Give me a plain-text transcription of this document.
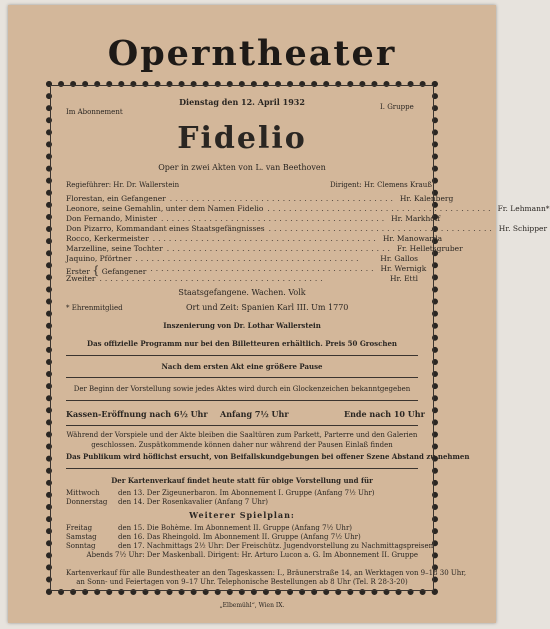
Operntheater
Dienstag den 12. April 1932
Im Abonnement
I. Gruppe
Fidelio
Oper in zwei Akten von L. van Beethoven
Regieführer: Hr. Dr. Wallerstein	Dirigent: Hr. Clemens Krauß
Florestan, ein Gefangener .......................................... Hr. Kalenberg
Leonore, seine Gemahlin, unter dem Namen Fidelio .......................................... Fr. Lehmann*
Don Fernando, Minister .......................................... Hr. Markhoff
Don Pizarro, Kommandant eines Staatsgefängnisses .......................................... Hr. Schipper
Rocco, Kerkermeister .......................................... Hr. Manowarda
Marzelline, seine Tochter .......................................... Fr. Helletsgruber
Jaquino, Pförtner ..........................................	Hr. Gallos
Erster { Gefangener .......................................... Hr. Wernigk
Zweiter ..........................................	Hr. Ettl
Staatsgefangene. Wachen. Volk
* Ehrenmitglied	Ort und Zeit: Spanien Karl III. Um 1770
Inszenierung von Dr. Lothar Wallerstein
Das offizielle Programm nur bei den Billetteuren erhältlich. Preis 50 Groschen
Nach dem ersten Akt eine größere Pause
Der Beginn der Vorstellung sowie jedes Aktes wird durch ein Glockenzeichen bekanntgegeben
Kassen-Eröffnung nach 6½ Uhr Anfang 7½ Uhr	Ende nach 10 Uhr
Während der Vorspiele und der Akte bleiben die Saaltüren zum Parkett, Parterre und den Galerien geschlossen. Zuspätkommende können daher nur während der Pausen Einlaß finden
Das Publikum wird höflichst ersucht, von Beifallskundgebungen bei offener Szene Abstand zu nehmen
Der Kartenverkauf findet heute statt für obige Vorstellung und für
Mittwoch	den 13. Der Zigeunerbaron. Im Abonnement I. Gruppe (Anfang 7½ Uhr)
Donnerstag den 14. Der Rosenkavalier (Anfang 7 Uhr)
Weiterer Spielplan:
Freitag	den 15. Die Bohème. Im Abonnement II. Gruppe (Anfang 7½ Uhr)
Samstag	den 16. Das Rheingold. Im Abonnement II. Gruppe (Anfang 7½ Uhr)
Sonntag	den 17. Nachmittags 2½ Uhr: Der Freischütz. Jugendvorstellung zu Nachmittagspreisen
Abends 7½ Uhr: Der Maskenball. Dirigent: Hr. Arturo Lucon a. G. Im Abonnement II. Gruppe
Kartenverkauf für alle Bundestheater an den Tageskassen: I., Bräunerstraße 14, an Werktagen von 9–18 30 Uhr,
an Sonn- und Feiertagen von 9–17 Uhr. Telephonische Bestellungen ab 8 Uhr (Tel. R 28-3-20)
„Elbemühl“, Wien IX.
